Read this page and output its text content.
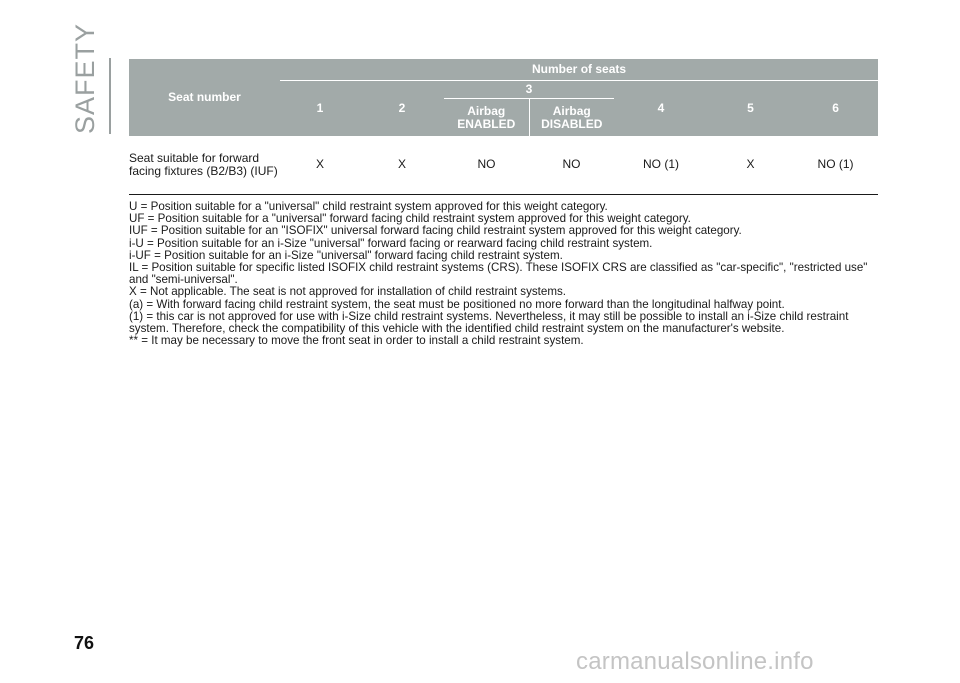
SAFETY	Seat number	Number of seats						
	1	2	3		4	5	6
			Airbag ENABLED	Airbag DISABLED			
Seat suitable for forward facing fixtures (B2/B3) (IUF)	X	X	NO	NO	NO (1)	X	NO (1)

U = Position suitable for a "universal" child restraint system approved for this weight category.

UF = Position suitable for a "universal" forward facing child restraint system approved for this weight category.

IUF = Position suitable for an "ISOFIX" universal forward facing child restraint system approved for this weight category.

i-U = Position suitable for an i-Size "universal" forward facing or rearward facing child restraint system.

i-UF = Position suitable for an i-Size "universal" forward facing child restraint system.

IL = Position suitable for specific listed ISOFIX child restraint systems (CRS). These ISOFIX CRS are classified as "car-specific", "restricted use" and "semi-universal".

X = Not applicable. The seat is not approved for installation of child restraint systems.

(a) = With forward facing child restraint system, the seat must be positioned no more forward than the longitudinal halfway point.

(1) = this car is not approved for use with i-Size child restraint systems. Nevertheless, it may still be possible to install an i-Size child restraint system. Therefore, check the compatibility of this vehicle with the identified child restraint system on the manufacturer's website.

** = It may be necessary to move the front seat in order to install a child restraint system.

76
carmanualsonline.info
